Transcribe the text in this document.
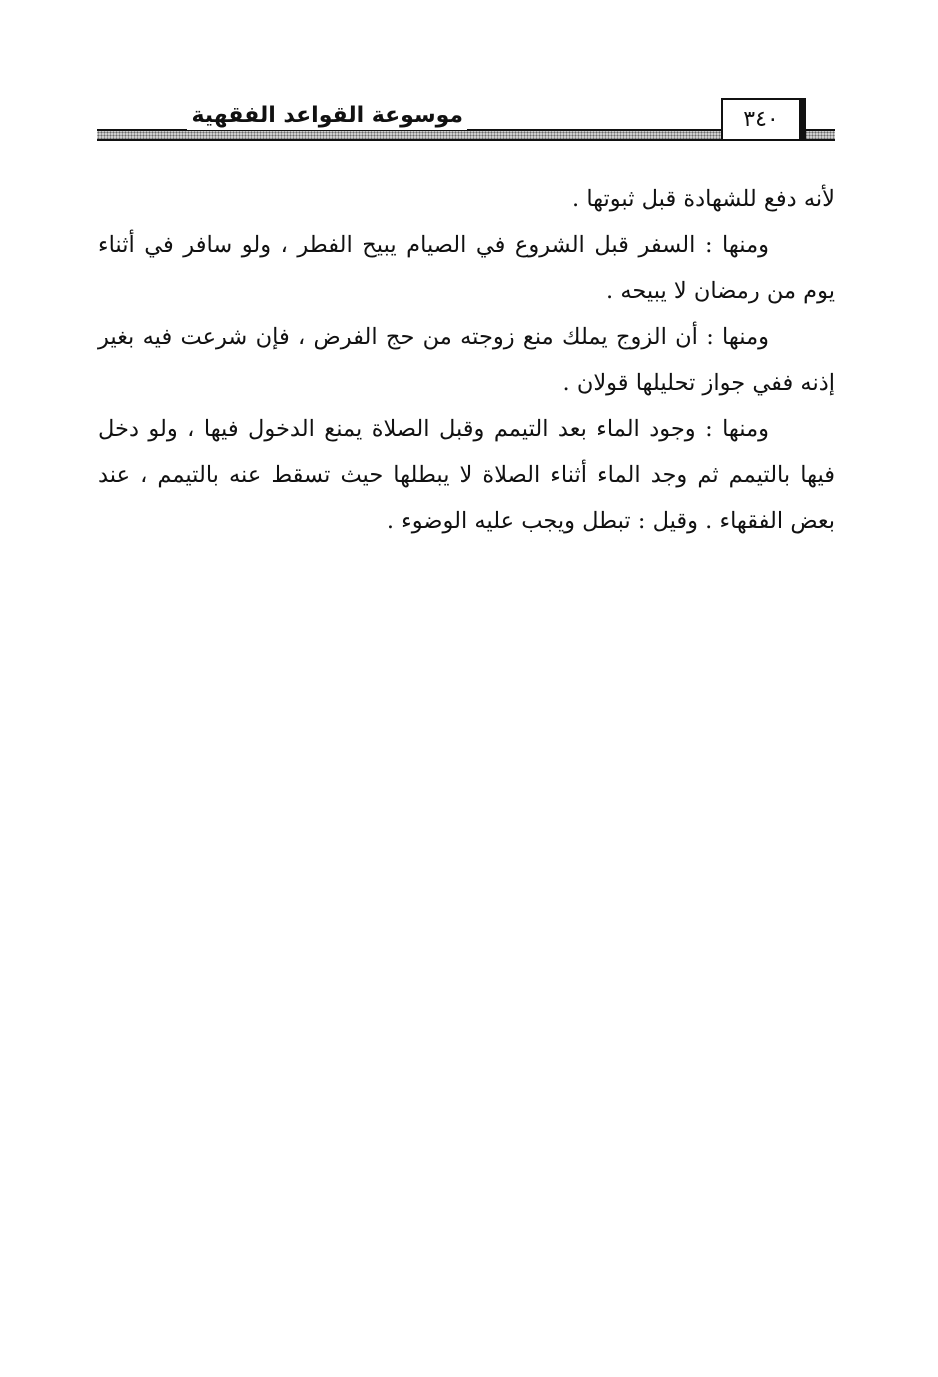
موسوعة القواعد الفقهية	٣٤٠

لأنه دفع للشهادة قبل ثبوتها .

ومنها : السفر قبل الشروع في الصيام يبيح الفطر ، ولو سافر في أثناء يوم من رمضان لا يبيحه .

ومنها : أن الزوج يملك منع زوجته من حج الفرض ، فإن شرعت فيه بغير إذنه ففي جواز تحليلها قولان .

ومنها : وجود الماء بعد التيمم وقبل الصلاة يمنع الدخول فيها ، ولو دخل فيها بالتيمم ثم وجد الماء أثناء الصلاة لا يبطلها حيث تسقط عنه بالتيمم ، عند بعض الفقهاء . وقيل : تبطل ويجب عليه الوضوء .
